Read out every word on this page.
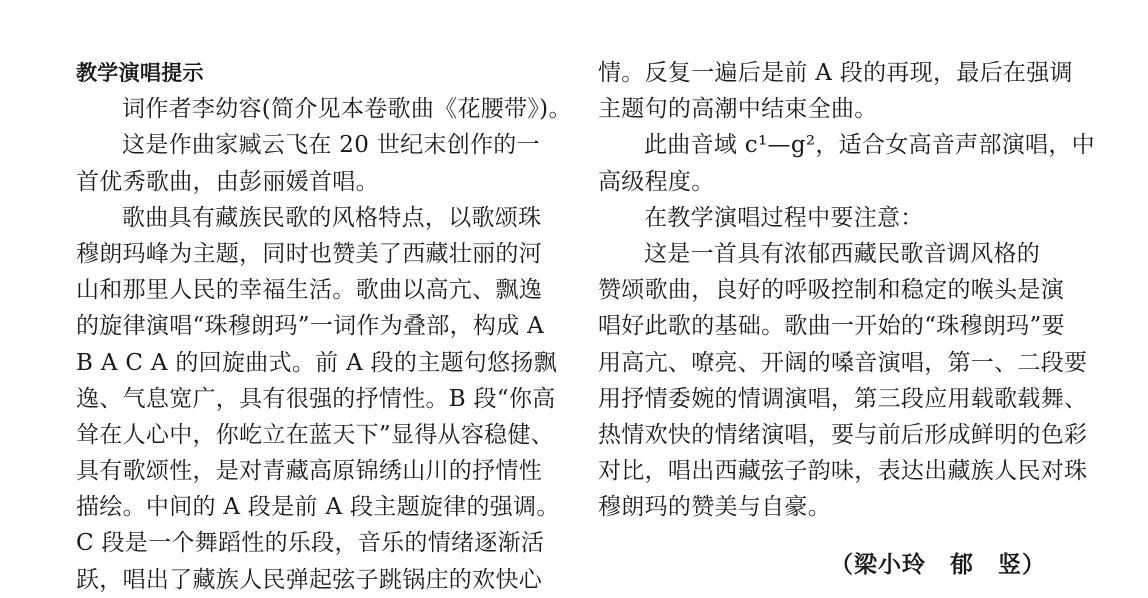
教学演唱提示
词作者李幼容(简介见本卷歌曲《花腰带》)。
这是作曲家臧云飞在 20 世纪末创作的一
首优秀歌曲，由彭丽媛首唱。
歌曲具有藏族民歌的风格特点，以歌颂珠
穆朗玛峰为主题，同时也赞美了西藏壮丽的河
山和那里人民的幸福生活。歌曲以高亢、飘逸
的旋律演唱“珠穆朗玛”一词作为叠部，构成 A
B A C A 的回旋曲式。前 A 段的主题句悠扬飘
逸、气息宽广，具有很强的抒情性。B 段“你高
耸在人心中，你屹立在蓝天下”显得从容稳健、
具有歌颂性，是对青藏高原锦绣山川的抒情性
描绘。中间的 A 段是前 A 段主题旋律的强调。
C 段是一个舞蹈性的乐段，音乐的情绪逐渐活
跃，唱出了藏族人民弹起弦子跳锅庄的欢快心
情。反复一遍后是前 A 段的再现，最后在强调
主题句的高潮中结束全曲。
此曲音域 c¹—g²，适合女高音声部演唱，中
高级程度。
在教学演唱过程中要注意：
这是一首具有浓郁西藏民歌音调风格的
赞颂歌曲，良好的呼吸控制和稳定的喉头是演
唱好此歌的基础。歌曲一开始的“珠穆朗玛”要
用高亢、嘹亮、开阔的嗓音演唱，第一、二段要
用抒情委婉的情调演唱，第三段应用载歌载舞、
热情欢快的情绪演唱，要与前后形成鲜明的色彩
对比，唱出西藏弦子韵味，表达出藏族人民对珠
穆朗玛的赞美与自豪。
（梁小玲　郁　竖）
